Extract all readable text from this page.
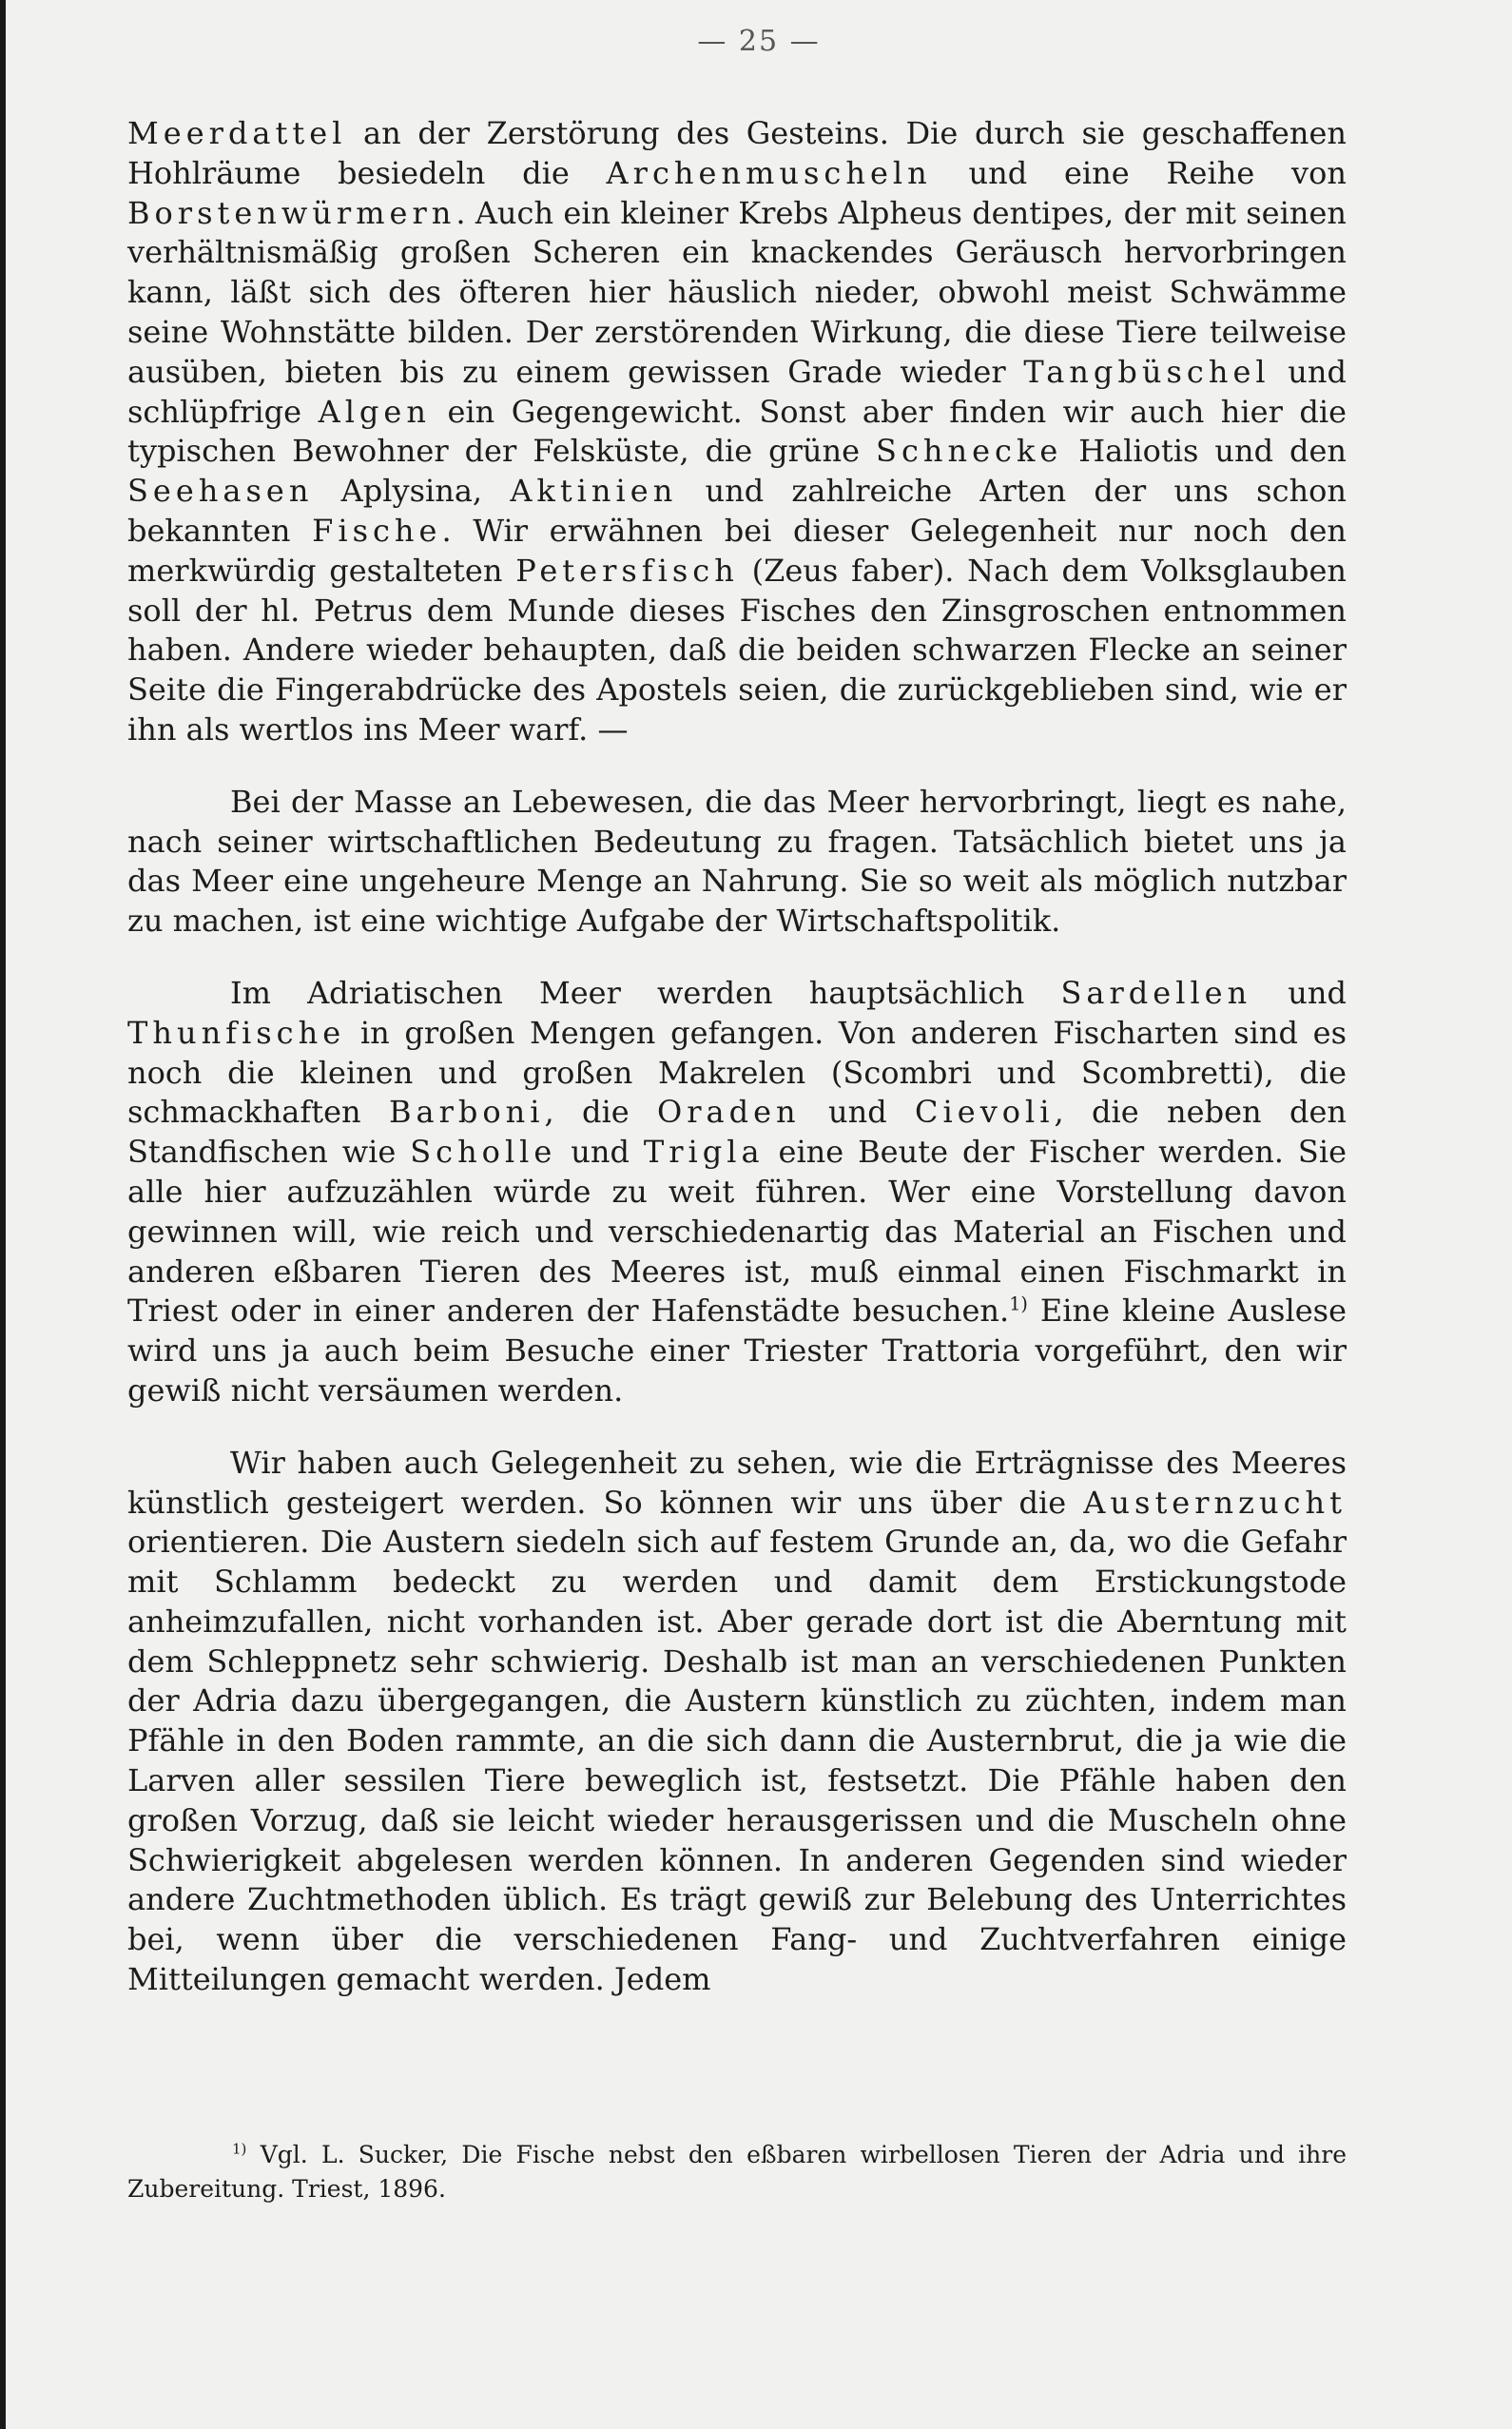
— 25 —

Meerdattel an der Zerstörung des Gesteins. Die durch sie geschaffenen Hohlräume besiedeln die Archenmuscheln und eine Reihe von Borstenwürmern. Auch ein kleiner Krebs Alpheus dentipes, der mit seinen verhältnismäßig großen Scheren ein knackendes Geräusch hervorbringen kann, läßt sich des öfteren hier häuslich nieder, obwohl meist Schwämme seine Wohnstätte bilden. Der zerstörenden Wirkung, die diese Tiere teilweise ausüben, bieten bis zu einem gewissen Grade wieder Tangbüschel und schlüpfrige Algen ein Gegengewicht. Sonst aber finden wir auch hier die typischen Bewohner der Felsküste, die grüne Schnecke Haliotis und den Seehasen Aplysina, Aktinien und zahlreiche Arten der uns schon bekannten Fische. Wir erwähnen bei dieser Gelegenheit nur noch den merkwürdig gestalteten Petersfisch (Zeus faber). Nach dem Volksglauben soll der hl. Petrus dem Munde dieses Fisches den Zinsgroschen entnommen haben. Andere wieder behaupten, daß die beiden schwarzen Flecke an seiner Seite die Fingerabdrücke des Apostels seien, die zurückgeblieben sind, wie er ihn als wertlos ins Meer warf. —

Bei der Masse an Lebewesen, die das Meer hervorbringt, liegt es nahe, nach seiner wirtschaftlichen Bedeutung zu fragen. Tatsächlich bietet uns ja das Meer eine ungeheure Menge an Nahrung. Sie so weit als möglich nutzbar zu machen, ist eine wichtige Aufgabe der Wirtschaftspolitik.

Im Adriatischen Meer werden hauptsächlich Sardellen und Thunfische in großen Mengen gefangen. Von anderen Fischarten sind es noch die kleinen und großen Makrelen (Scombri und Scombretti), die schmackhaften Barboni, die Oraden und Cievoli, die neben den Standfischen wie Scholle und Trigla eine Beute der Fischer werden. Sie alle hier aufzuzählen würde zu weit führen. Wer eine Vorstellung davon gewinnen will, wie reich und verschiedenartig das Material an Fischen und anderen eßbaren Tieren des Meeres ist, muß einmal einen Fischmarkt in Triest oder in einer anderen der Hafenstädte besuchen.$^{1)}$ Eine kleine Auslese wird uns ja auch beim Besuche einer Triester Trattoria vorgeführt, den wir gewiß nicht versäumen werden.

Wir haben auch Gelegenheit zu sehen, wie die Erträgnisse des Meeres künstlich gesteigert werden. So können wir uns über die Austernzucht orientieren. Die Austern siedeln sich auf festem Grunde an, da, wo die Gefahr mit Schlamm bedeckt zu werden und damit dem Erstickungstode anheimzufallen, nicht vorhanden ist. Aber gerade dort ist die Aberntung mit dem Schleppnetz sehr schwierig. Deshalb ist man an verschiedenen Punkten der Adria dazu übergegangen, die Austern künstlich zu züchten, indem man Pfähle in den Boden rammte, an die sich dann die Austernbrut, die ja wie die Larven aller sessilen Tiere beweglich ist, festsetzt. Die Pfähle haben den großen Vorzug, daß sie leicht wieder herausgerissen und die Muscheln ohne Schwierigkeit abgelesen werden können. In anderen Gegenden sind wieder andere Zuchtmethoden üblich. Es trägt gewiß zur Belebung des Unterrichtes bei, wenn über die verschiedenen Fang- und Zuchtverfahren einige Mitteilungen gemacht werden. Jedem

$^{1)}$ Vgl. L. Sucker, Die Fische nebst den eßbaren wirbellosen Tieren der Adria und ihre Zubereitung. Triest, 1896.
